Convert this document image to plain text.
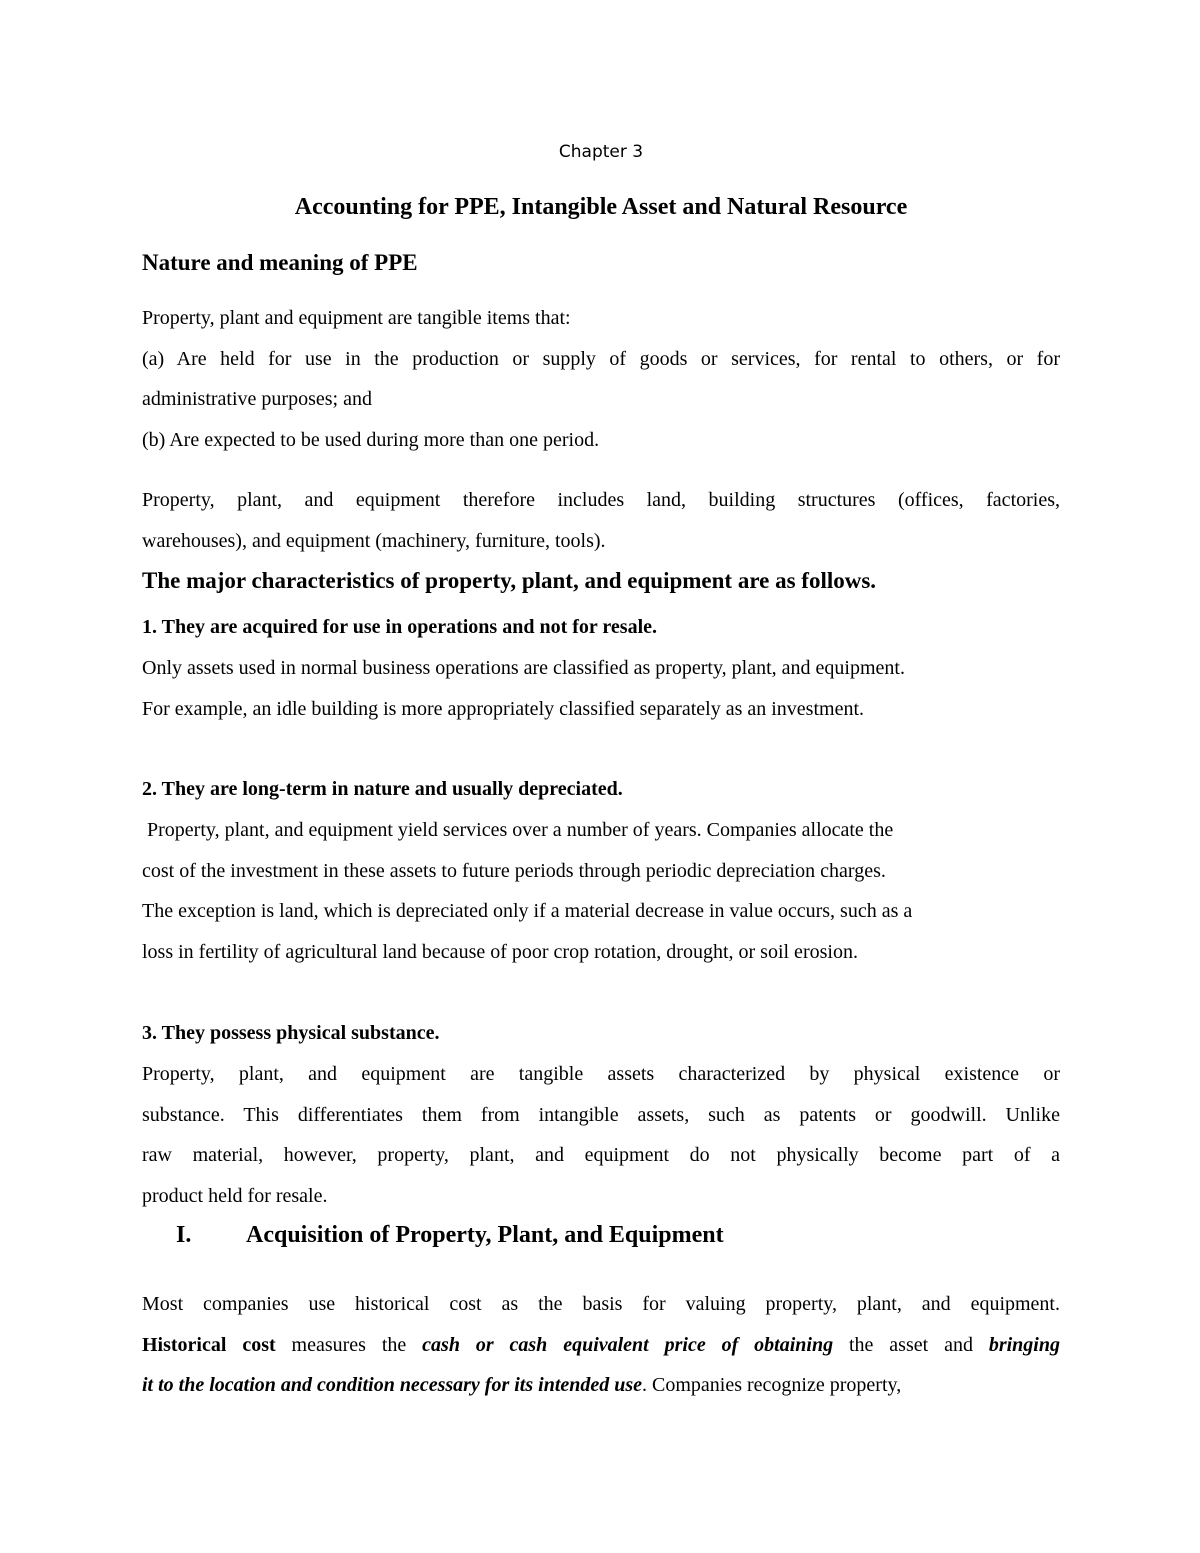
Chapter 3
Accounting for PPE, Intangible Asset and Natural Resource
Nature and meaning of PPE
Property, plant and equipment are tangible items that:
(a) Are held for use in the production or supply of goods or services, for rental to others, or for
administrative purposes; and
(b) Are expected to be used during more than one period.
Property, plant, and equipment therefore includes land, building structures (offices, factories,
warehouses), and equipment (machinery, furniture, tools).
The major characteristics of property, plant, and equipment are as follows.
1. They are acquired for use in operations and not for resale.
Only assets used in normal business operations are classified as property, plant, and equipment.
For example, an idle building is more appropriately classified separately as an investment.
2. They are long-term in nature and usually depreciated.
Property, plant, and equipment yield services over a number of years. Companies allocate the
cost of the investment in these assets to future periods through periodic depreciation charges.
The exception is land, which is depreciated only if a material decrease in value occurs, such as a
loss in fertility of agricultural land because of poor crop rotation, drought, or soil erosion.
3. They possess physical substance.
Property, plant, and equipment are tangible assets characterized by physical existence or
substance. This differentiates them from intangible assets, such as patents or goodwill. Unlike
raw material, however, property, plant, and equipment do not physically become part of a
product held for resale.
I. Acquisition of Property, Plant, and Equipment
Most companies use historical cost as the basis for valuing property, plant, and equipment.
Historical cost measures the cash or cash equivalent price of obtaining the asset and bringing
it to the location and condition necessary for its intended use. Companies recognize property,
